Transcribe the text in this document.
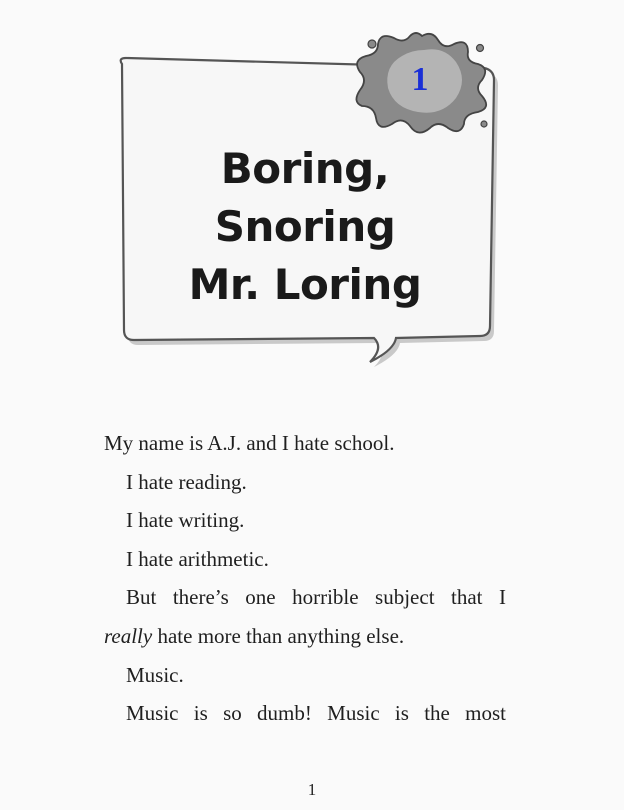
1
Boring,
Snoring
Mr. Loring

My name is A.J. and I hate school.

I hate reading.

I hate writing.

I hate arithmetic.

But there’s one horrible subject that I

really hate more than anything else.

Music.

Music is so dumb! Music is the most

1
